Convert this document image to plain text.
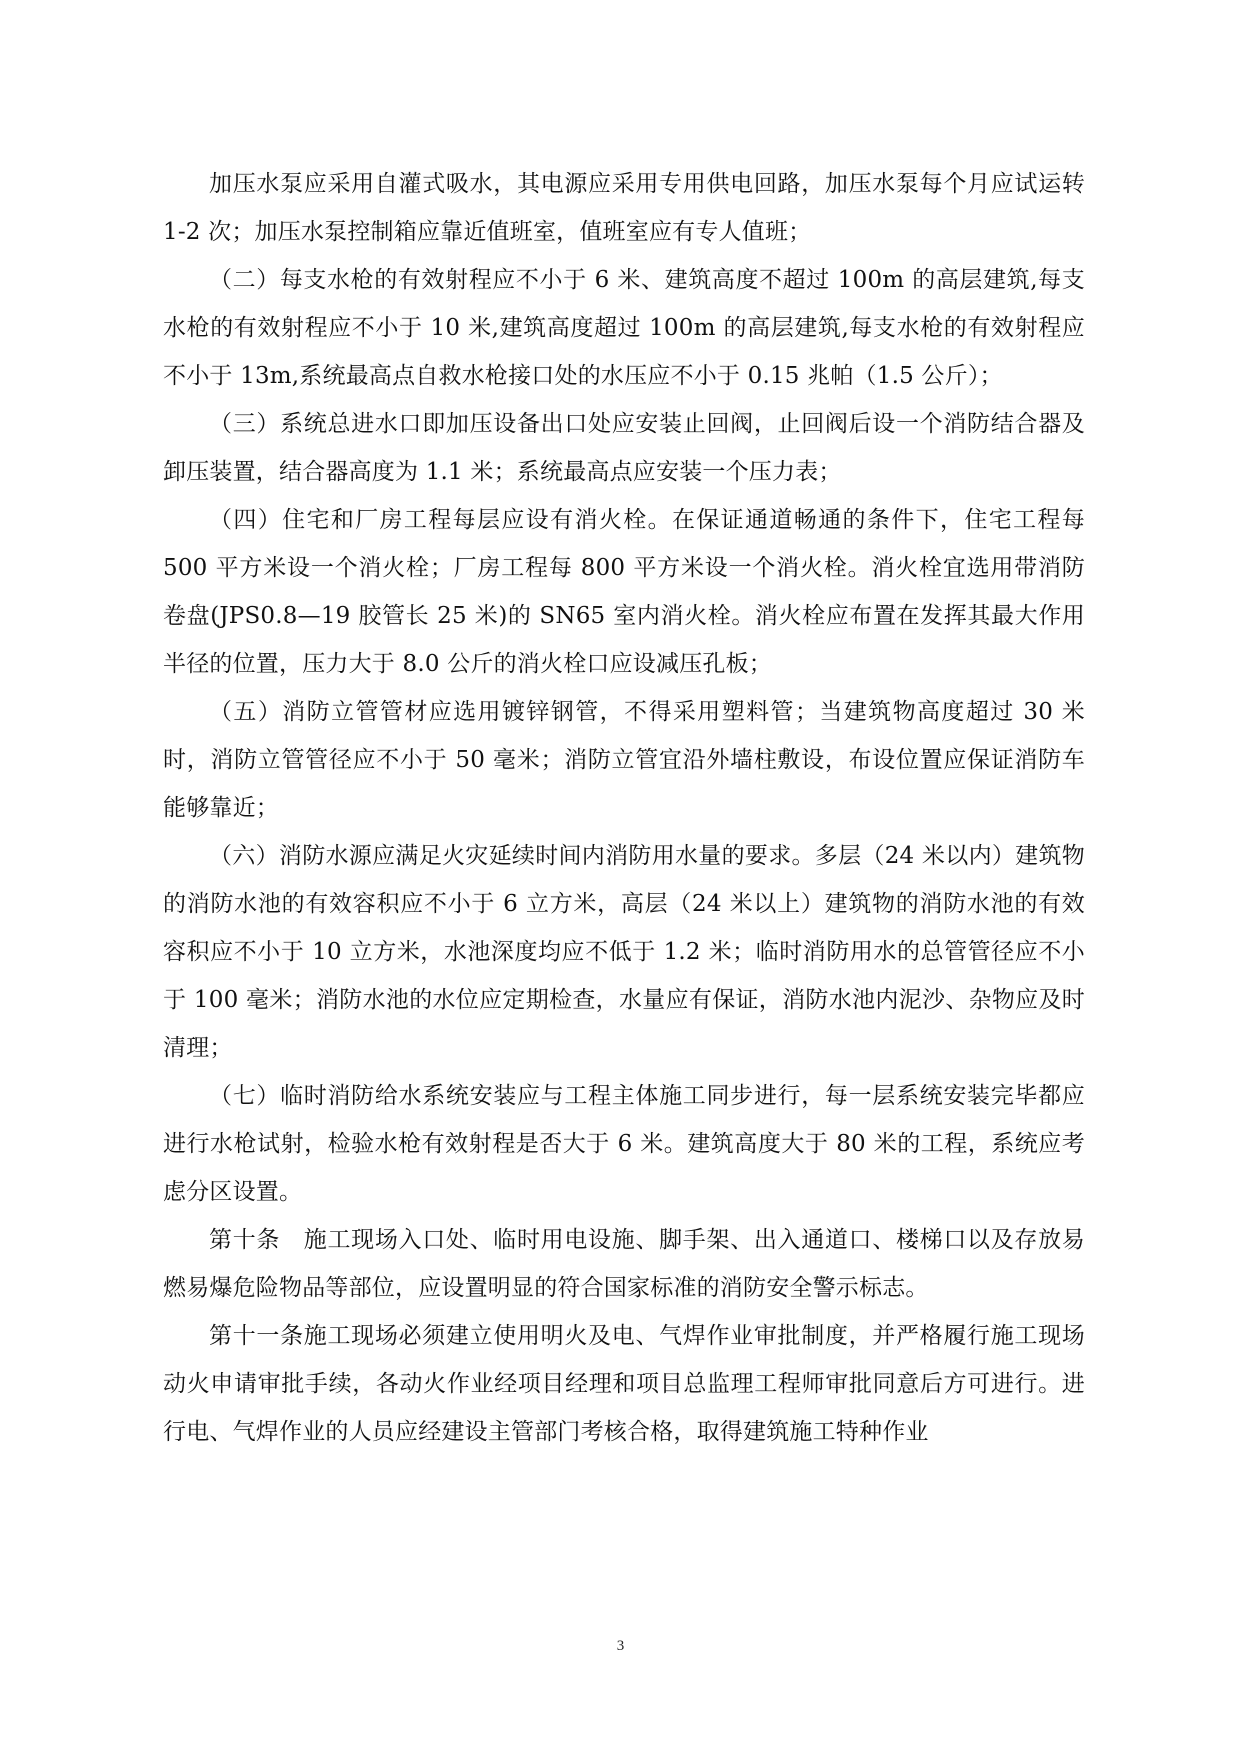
加压水泵应采用自灌式吸水，其电源应采用专用供电回路，加压水泵每个月应试运转 1-2 次；加压水泵控制箱应靠近值班室，值班室应有专人值班；

（二）每支水枪的有效射程应不小于 6 米、建筑高度不超过 100m 的高层建筑,每支水枪的有效射程应不小于 10 米,建筑高度超过 100m 的高层建筑,每支水枪的有效射程应不小于 13m,系统最高点自救水枪接口处的水压应不小于 0.15 兆帕（1.5 公斤）；

（三）系统总进水口即加压设备出口处应安装止回阀，止回阀后设一个消防结合器及卸压装置，结合器高度为 1.1 米；系统最高点应安装一个压力表；

（四）住宅和厂房工程每层应设有消火栓。在保证通道畅通的条件下，住宅工程每 500 平方米设一个消火栓；厂房工程每 800 平方米设一个消火栓。消火栓宜选用带消防卷盘(JPS0.8—19 胶管长 25 米)的 SN65 室内消火栓。消火栓应布置在发挥其最大作用半径的位置，压力大于 8.0 公斤的消火栓口应设减压孔板；

（五）消防立管管材应选用镀锌钢管，不得采用塑料管；当建筑物高度超过 30 米时，消防立管管径应不小于 50 毫米；消防立管宜沿外墙柱敷设，布设位置应保证消防车能够靠近；

（六）消防水源应满足火灾延续时间内消防用水量的要求。多层（24 米以内）建筑物的消防水池的有效容积应不小于 6 立方米，高层（24 米以上）建筑物的消防水池的有效容积应不小于 10 立方米，水池深度均应不低于 1.2 米；临时消防用水的总管管径应不小于 100 毫米；消防水池的水位应定期检查，水量应有保证，消防水池内泥沙、杂物应及时清理；

（七）临时消防给水系统安装应与工程主体施工同步进行，每一层系统安装完毕都应进行水枪试射，检验水枪有效射程是否大于 6 米。建筑高度大于 80 米的工程，系统应考虑分区设置。

第十条　施工现场入口处、临时用电设施、脚手架、出入通道口、楼梯口以及存放易燃易爆危险物品等部位，应设置明显的符合国家标准的消防安全警示标志。

第十一条施工现场必须建立使用明火及电、气焊作业审批制度，并严格履行施工现场动火申请审批手续，各动火作业经项目经理和项目总监理工程师审批同意后方可进行。进行电、气焊作业的人员应经建设主管部门考核合格，取得建筑施工特种作业

3
